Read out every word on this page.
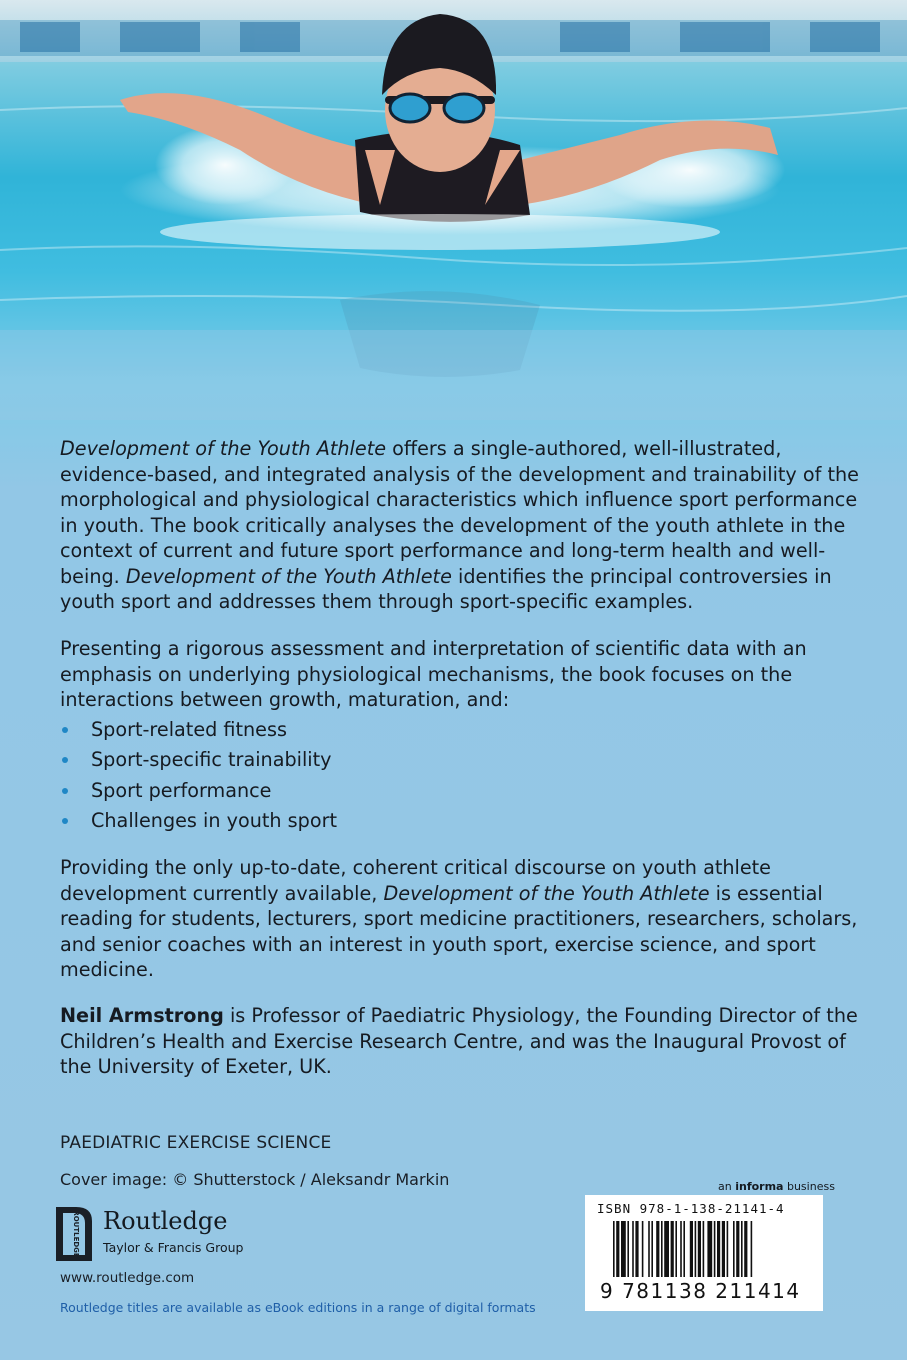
Development of the Youth Athlete offers a single-authored, well-illustrated, evidence-based, and integrated analysis of the development and trainability of the morphological and physiological characteristics which influence sport performance in youth. The book critically analyses the development of the youth athlete in the context of current and future sport performance and long-term health and well-being. Development of the Youth Athlete identifies the principal controversies in youth sport and addresses them through sport-specific examples.
Presenting a rigorous assessment and interpretation of scientific data with an emphasis on underlying physiological mechanisms, the book focuses on the interactions between growth, maturation, and:
Sport-related fitness
Sport-specific trainability
Sport performance
Challenges in youth sport
Providing the only up-to-date, coherent critical discourse on youth athlete development currently available, Development of the Youth Athlete is essential reading for students, lecturers, sport medicine practitioners, researchers, scholars, and senior coaches with an interest in youth sport, exercise science, and sport medicine.
Neil Armstrong is Professor of Paediatric Physiology, the Founding Director of the Children’s Health and Exercise Research Centre, and was the Inaugural Provost of the University of Exeter, UK.
PAEDIATRIC EXERCISE SCIENCE
Cover image: © Shutterstock / Aleksandr Markin
ROUTLEDGE Routledge
Taylor & Francis Group
www.routledge.com
Routledge titles are available as eBook editions in a range of digital formats
an informa business
ISBN 978-1-138-21141-4
9 781138 211414
